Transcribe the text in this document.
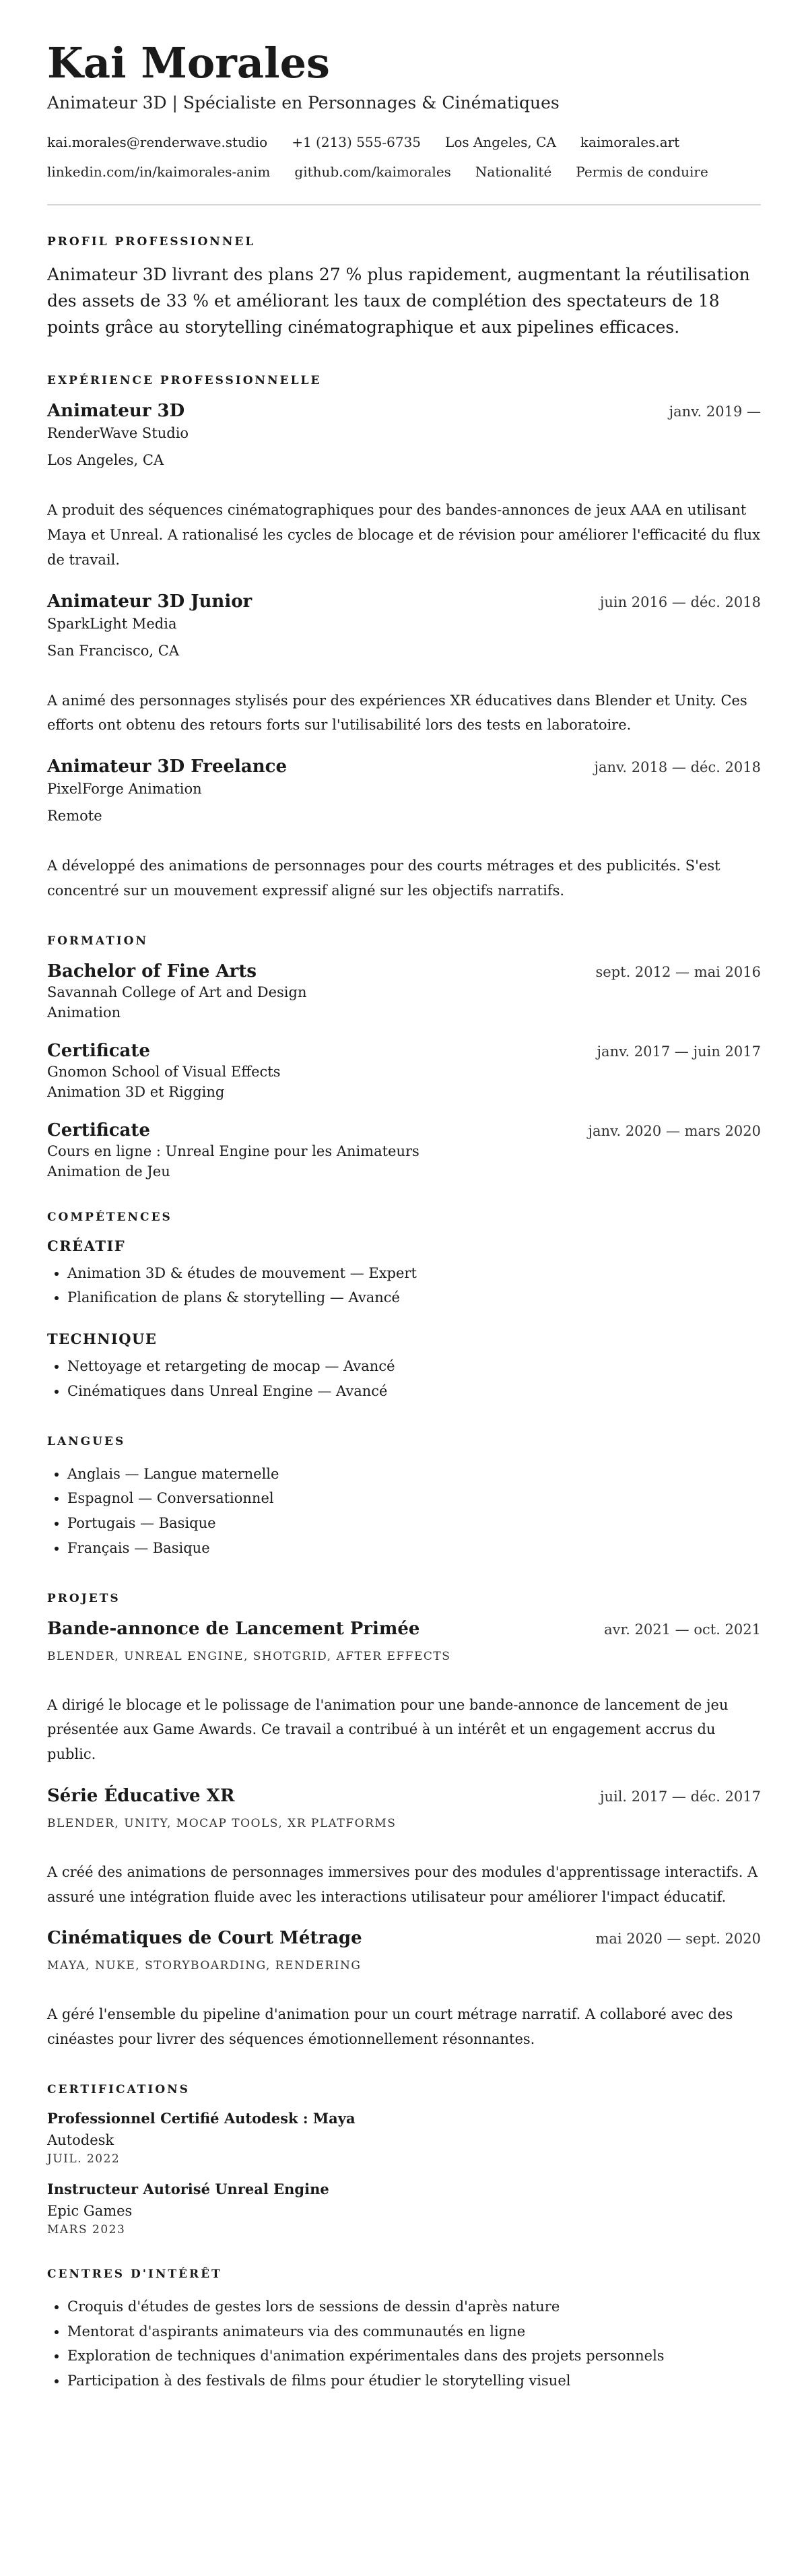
Kai Morales
Animateur 3D | Spécialiste en Personnages & Cinématiques
kai.morales@renderwave.studio +1 (213) 555-6735 Los Angeles, CA kaimorales.art
linkedin.com/in/kaimorales-anim github.com/kaimorales Nationalité Permis de conduire
PROFIL PROFESSIONNEL

Animateur 3D livrant des plans 27 % plus rapidement, augmentant la réutilisation des assets de 33 % et améliorant les taux de complétion des spectateurs de 18 points grâce au storytelling cinématographique et aux pipelines efficaces.

EXPÉRIENCE PROFESSIONNELLE
Animateur 3D	janv. 2019 —
RenderWave Studio
Los Angeles, CA
A produit des séquences cinématographiques pour des bandes-annonces de jeux AAA en utilisant Maya et Unreal. A rationalisé les cycles de blocage et de révision pour améliorer l'efficacité du flux de travail.
Animateur 3D Junior	juin 2016 — déc. 2018
SparkLight Media
San Francisco, CA
A animé des personnages stylisés pour des expériences XR éducatives dans Blender et Unity. Ces efforts ont obtenu des retours forts sur l'utilisabilité lors des tests en laboratoire.
Animateur 3D Freelance	janv. 2018 — déc. 2018
PixelForge Animation
Remote
A développé des animations de personnages pour des courts métrages et des publicités. S'est concentré sur un mouvement expressif aligné sur les objectifs narratifs.
FORMATION
Bachelor of Fine Arts	sept. 2012 — mai 2016
Savannah College of Art and Design
Animation
Certificate	janv. 2017 — juin 2017
Gnomon School of Visual Effects
Animation 3D et Rigging
Certificate	janv. 2020 — mars 2020
Cours en ligne : Unreal Engine pour les Animateurs
Animation de Jeu
COMPÉTENCES
CRÉATIF
• Animation 3D & études de mouvement — Expert
• Planification de plans & storytelling — Avancé
TECHNIQUE
• Nettoyage et retargeting de mocap — Avancé
• Cinématiques dans Unreal Engine — Avancé
LANGUES
• Anglais — Langue maternelle
• Espagnol — Conversationnel
• Portugais — Basique
• Français — Basique
PROJETS
Bande-annonce de Lancement Primée	avr. 2021 — oct. 2021
BLENDER, UNREAL ENGINE, SHOTGRID, AFTER EFFECTS
A dirigé le blocage et le polissage de l'animation pour une bande-annonce de lancement de jeu présentée aux Game Awards. Ce travail a contribué à un intérêt et un engagement accrus du public.
Série Éducative XR	juil. 2017 — déc. 2017
BLENDER, UNITY, MOCAP TOOLS, XR PLATFORMS
A créé des animations de personnages immersives pour des modules d'apprentissage interactifs. A assuré une intégration fluide avec les interactions utilisateur pour améliorer l'impact éducatif.
Cinématiques de Court Métrage	mai 2020 — sept. 2020
MAYA, NUKE, STORYBOARDING, RENDERING
A géré l'ensemble du pipeline d'animation pour un court métrage narratif. A collaboré avec des cinéastes pour livrer des séquences émotionnellement résonnantes.
CERTIFICATIONS
Professionnel Certifié Autodesk : Maya
Autodesk
JUIL. 2022
Instructeur Autorisé Unreal Engine
Epic Games
MARS 2023
CENTRES D'INTÉRÊT
• Croquis d'études de gestes lors de sessions de dessin d'après nature
• Mentorat d'aspirants animateurs via des communautés en ligne
• Exploration de techniques d'animation expérimentales dans des projets personnels
• Participation à des festivals de films pour étudier le storytelling visuel
